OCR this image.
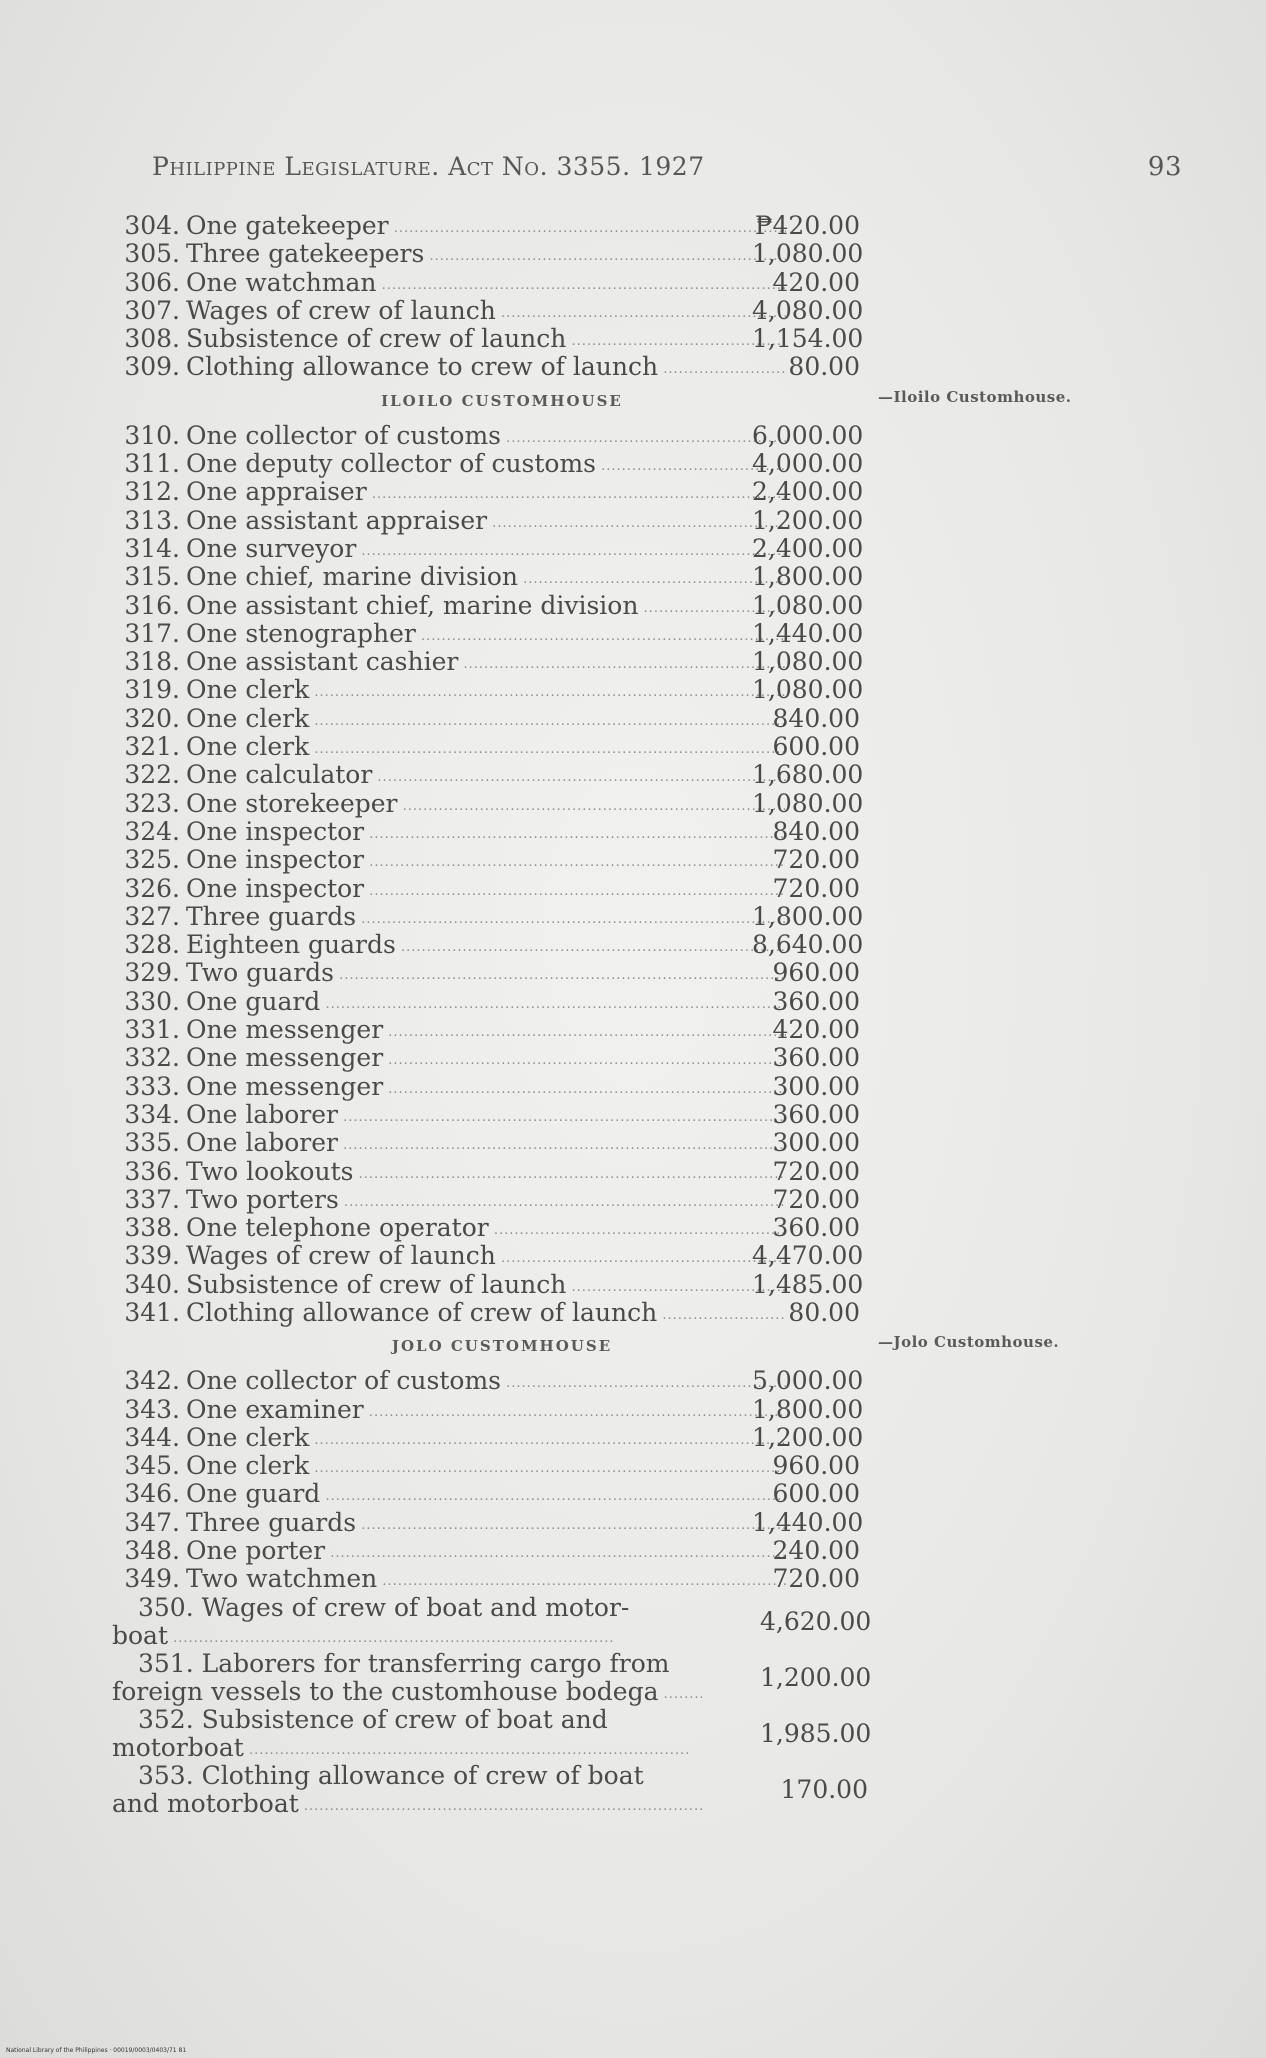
Philippine Legislature. Act No. 3355. 1927	93
304. One gatekeeper .....	₱420.00
305. Three gatekeepers .....	1,080.00
306. One watchman .....	420.00
307. Wages of crew of launch .....	4,080.00
308. Subsistence of crew of launch .....	1,154.00
309. Clothing allowance to crew of launch .....	80.00
ILOILO CUSTOMHOUSE	—Iloilo Customhouse.
310. One collector of customs .....	6,000.00
311. One deputy collector of customs .....	4,000.00
312. One appraiser .....	2,400.00
313. One assistant appraiser .....	1,200.00
314. One surveyor .....	2,400.00
315. One chief, marine division .....	1,800.00
316. One assistant chief, marine division .....	1,080.00
317. One stenographer .....	1,440.00
318. One assistant cashier .....	1,080.00
319. One clerk .....	1,080.00
320. One clerk .....	840.00
321. One clerk .....	600.00
322. One calculator .....	1,680.00
323. One storekeeper .....	1,080.00
324. One inspector .....	840.00
325. One inspector .....	720.00
326. One inspector .....	720.00
327. Three guards .....	1,800.00
328. Eighteen guards .....	8,640.00
329. Two guards .....	960.00
330. One guard .....	360.00
331. One messenger .....	420.00
332. One messenger .....	360.00
333. One messenger .....	300.00
334. One laborer .....	360.00
335. One laborer .....	300.00
336. Two lookouts .....	720.00
337. Two porters .....	720.00
338. One telephone operator .....	360.00
339. Wages of crew of launch .....	4,470.00
340. Subsistence of crew of launch .....	1,485.00
341. Clothing allowance of crew of launch .....	80.00
JOLO CUSTOMHOUSE	—Jolo Customhouse.
342. One collector of customs .....	5,000.00
343. One examiner .....	1,800.00
344. One clerk .....	1,200.00
345. One clerk .....	960.00
346. One guard .....	600.00
347. Three guards .....	1,440.00
348. One porter .....	240.00
349. Two watchmen .....	720.00
350. Wages of crew of boat and motor-
boat .....	4,620.00
351. Laborers for transferring cargo from
foreign vessels to the customhouse bodega .....	1,200.00
352. Subsistence of crew of boat and
motorboat .....	1,985.00
353. Clothing allowance of crew of boat
and motorboat .....	170.00
National Library of the Philippines · 00019/0003/0403/71 81
